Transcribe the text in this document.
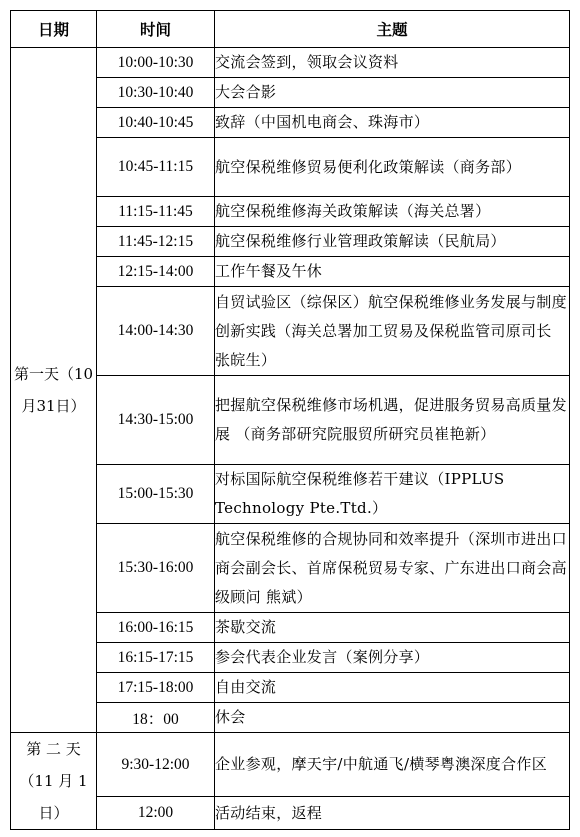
日期	时间	主题
第一天（10 月31日）	10:00-10:30	交流会签到，领取会议资料
	10:30-10:40	大会合影
	10:40-10:45	致辞（中国机电商会、珠海市）
	10:45-11:15	航空保税维修贸易便利化政策解读（商务部）
	11:15-11:45	航空保税维修海关政策解读（海关总署）
	11:45-12:15	航空保税维修行业管理政策解读（民航局）
	12:15-14:00	工作午餐及午休
	14:00-14:30	自贸试验区（综保区）航空保税维修业务发展与制度创新实践（海关总署加工贸易及保税监管司原司长 张皖生）
	14:30-15:00	把握航空保税维修市场机遇，促进服务贸易高质量发展 （商务部研究院服贸所研究员崔艳新）
	15:00-15:30	对标国际航空保税维修若干建议（IPPLUS Technology Pte.Ttd.）
	15:30-16:00	航空保税维修的合规协同和效率提升（深圳市进出口商会副会长、首席保税贸易专家、广东进出口商会高级顾问 熊斌）
	16:00-16:15	茶歇交流
	16:15-17:15	参会代表企业发言（案例分享）
	17:15-18:00	自由交流
	18：00	休会
第 二 天（11 月 1日）	9:30-12:00	企业参观，摩天宇/中航通飞/横琴粤澳深度合作区
	12:00	活动结束，返程
